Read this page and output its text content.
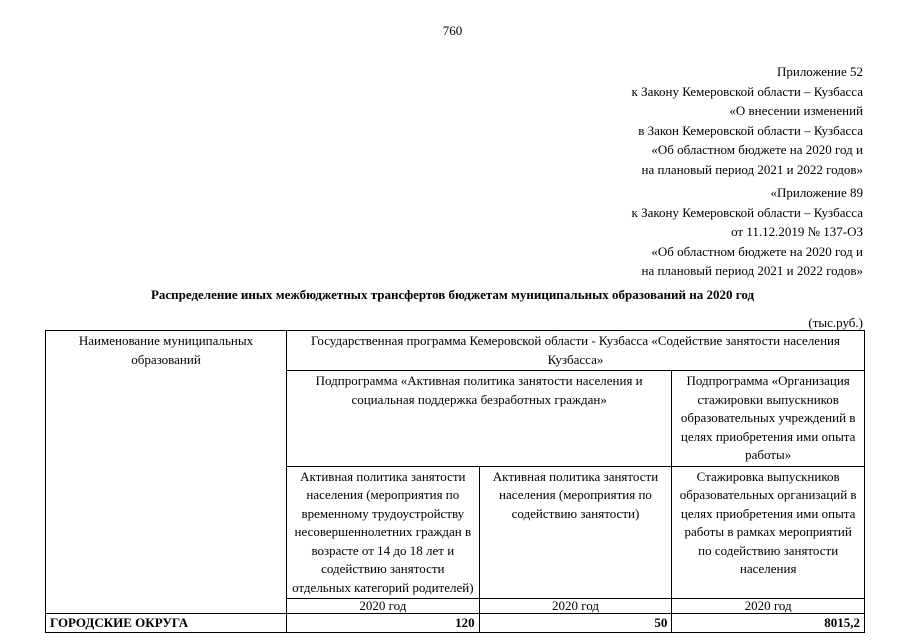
760
Приложение 52
к Закону Кемеровской области – Кузбасса
«О внесении изменений
в Закон Кемеровской области – Кузбасса
«Об областном бюджете на 2020 год и
на плановый период 2021 и 2022 годов»
«Приложение 89
к Закону Кемеровской области – Кузбасса
от 11.12.2019 № 137-ОЗ
«Об областном бюджете на 2020 год и
на плановый период 2021 и 2022 годов»
Распределение иных межбюджетных трансфертов бюджетам муниципальных образований на 2020 год
(тыс.руб.)
Наименование муниципальных образований	Государственная программа Кемеровской области - Кузбасса «Содействие занятости населения Кузбасса»		
	Подпрограмма «Активная политика занятости населения и социальная поддержка безработных граждан»		Подпрограмма «Организация стажировки выпускников образовательных учреждений в целях приобретения ими опыта работы»
	Активная политика занятости населения (мероприятия по временному трудоустройству несовершеннолетних граждан в возрасте от 14 до 18 лет и содействию занятости отдельных категорий родителей)	Активная политика занятости населения (мероприятия по содействию занятости)	Стажировка выпускников образовательных организаций в целях приобретения ими опыта работы в рамках мероприятий по содействию занятости населения
	2020 год	2020 год	2020 год
ГОРОДСКИЕ ОКРУГА	120	50	8015,2
